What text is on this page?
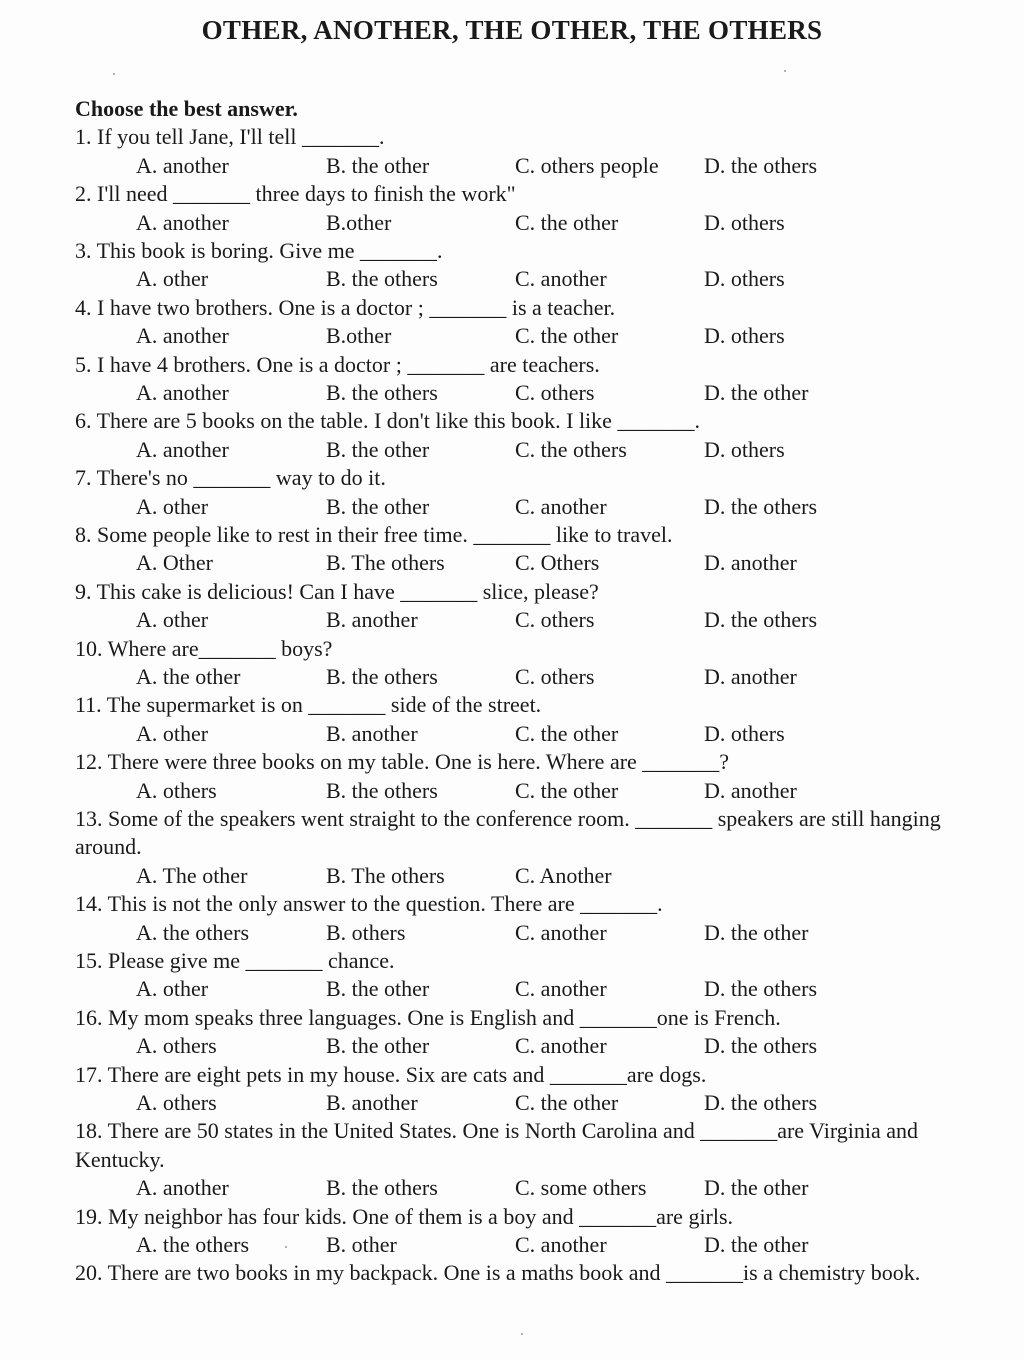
OTHER, ANOTHER, THE OTHER, THE OTHERS
Choose the best answer.
1. If you tell Jane, I'll tell _______.
A. another	B. the other	C. others people D. the others
2. I'll need _______ three days to finish the work"
A. another	B.other	C. the other	D. others
3. This book is boring. Give me _______.
A. other	B. the others	C. another	D. others
4. I have two brothers. One is a doctor ; _______ is a teacher.
A. another	B.other	C. the other	D. others
5. I have 4 brothers. One is a doctor ; _______ are teachers.
A. another	B. the others	C. others	D. the other
6. There are 5 books on the table. I don't like this book. I like _______.
A. another	B. the other	C. the others	D. others
7. There's no _______ way to do it.
A. other	B. the other	C. another	D. the others
8. Some people like to rest in their free time. _______ like to travel.
A. Other	B. The others	C. Others	D. another
9. This cake is delicious! Can I have _______ slice, please?
A. other	B. another	C. others	D. the others
10. Where are_______ boys?
A. the other	B. the others	C. others	D. another
11. The supermarket is on _______ side of the street.
A. other	B. another	C. the other	D. others
12. There were three books on my table. One is here. Where are _______?
A. others	B. the others	C. the other	D. another
13. Some of the speakers went straight to the conference room. _______ speakers are still hanging around.
A. The other	B. The others	C. Another
14. This is not the only answer to the question. There are _______.
A. the others	B. others	C. another	D. the other
15. Please give me _______ chance.
A. other	B. the other	C. another	D. the others
16. My mom speaks three languages. One is English and _______one is French.
A. others	B. the other	C. another	D. the others
17. There are eight pets in my house. Six are cats and _______are dogs.
A. others	B. another	C. the other	D. the others
18. There are 50 states in the United States. One is North Carolina and _______are Virginia and Kentucky.
A. another	B. the others	C. some others	D. the other
19. My neighbor has four kids. One of them is a boy and _______are girls.
A. the others	B. other	C. another	D. the other
20. There are two books in my backpack. One is a maths book and _______is a chemistry book.
